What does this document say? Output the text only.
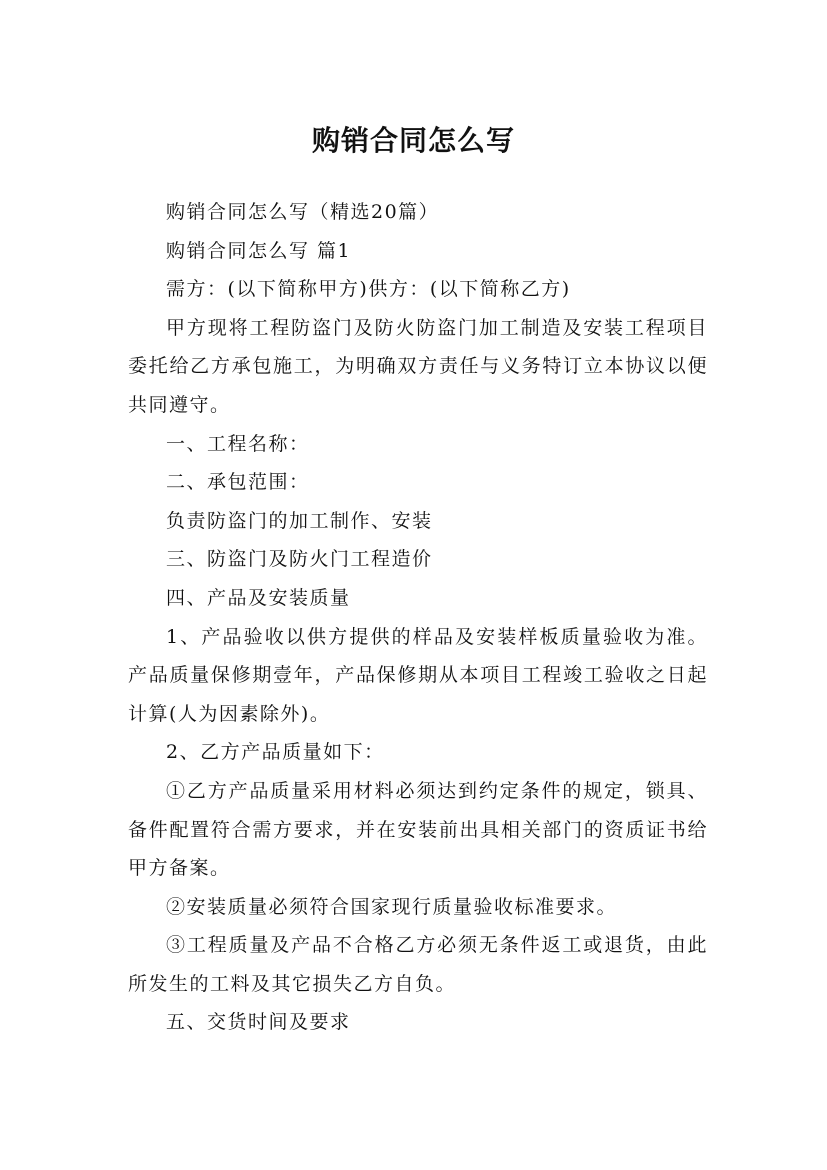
购销合同怎么写

购销合同怎么写（精选20篇）

购销合同怎么写 篇1

需方：(以下简称甲方)供方：(以下简称乙方)

甲方现将工程防盗门及防火防盗门加工制造及安装工程项目委托给乙方承包施工，为明确双方责任与义务特订立本协议以便共同遵守。

一、工程名称：

二、承包范围：

负责防盗门的加工制作、安装

三、防盗门及防火门工程造价

四、产品及安装质量

1、产品验收以供方提供的样品及安装样板质量验收为准。产品质量保修期壹年，产品保修期从本项目工程竣工验收之日起计算(人为因素除外)。

2、乙方产品质量如下：

①乙方产品质量采用材料必须达到约定条件的规定，锁具、备件配置符合需方要求，并在安装前出具相关部门的资质证书给甲方备案。

②安装质量必须符合国家现行质量验收标准要求。

③工程质量及产品不合格乙方必须无条件返工或退货，由此所发生的工料及其它损失乙方自负。

五、交货时间及要求
